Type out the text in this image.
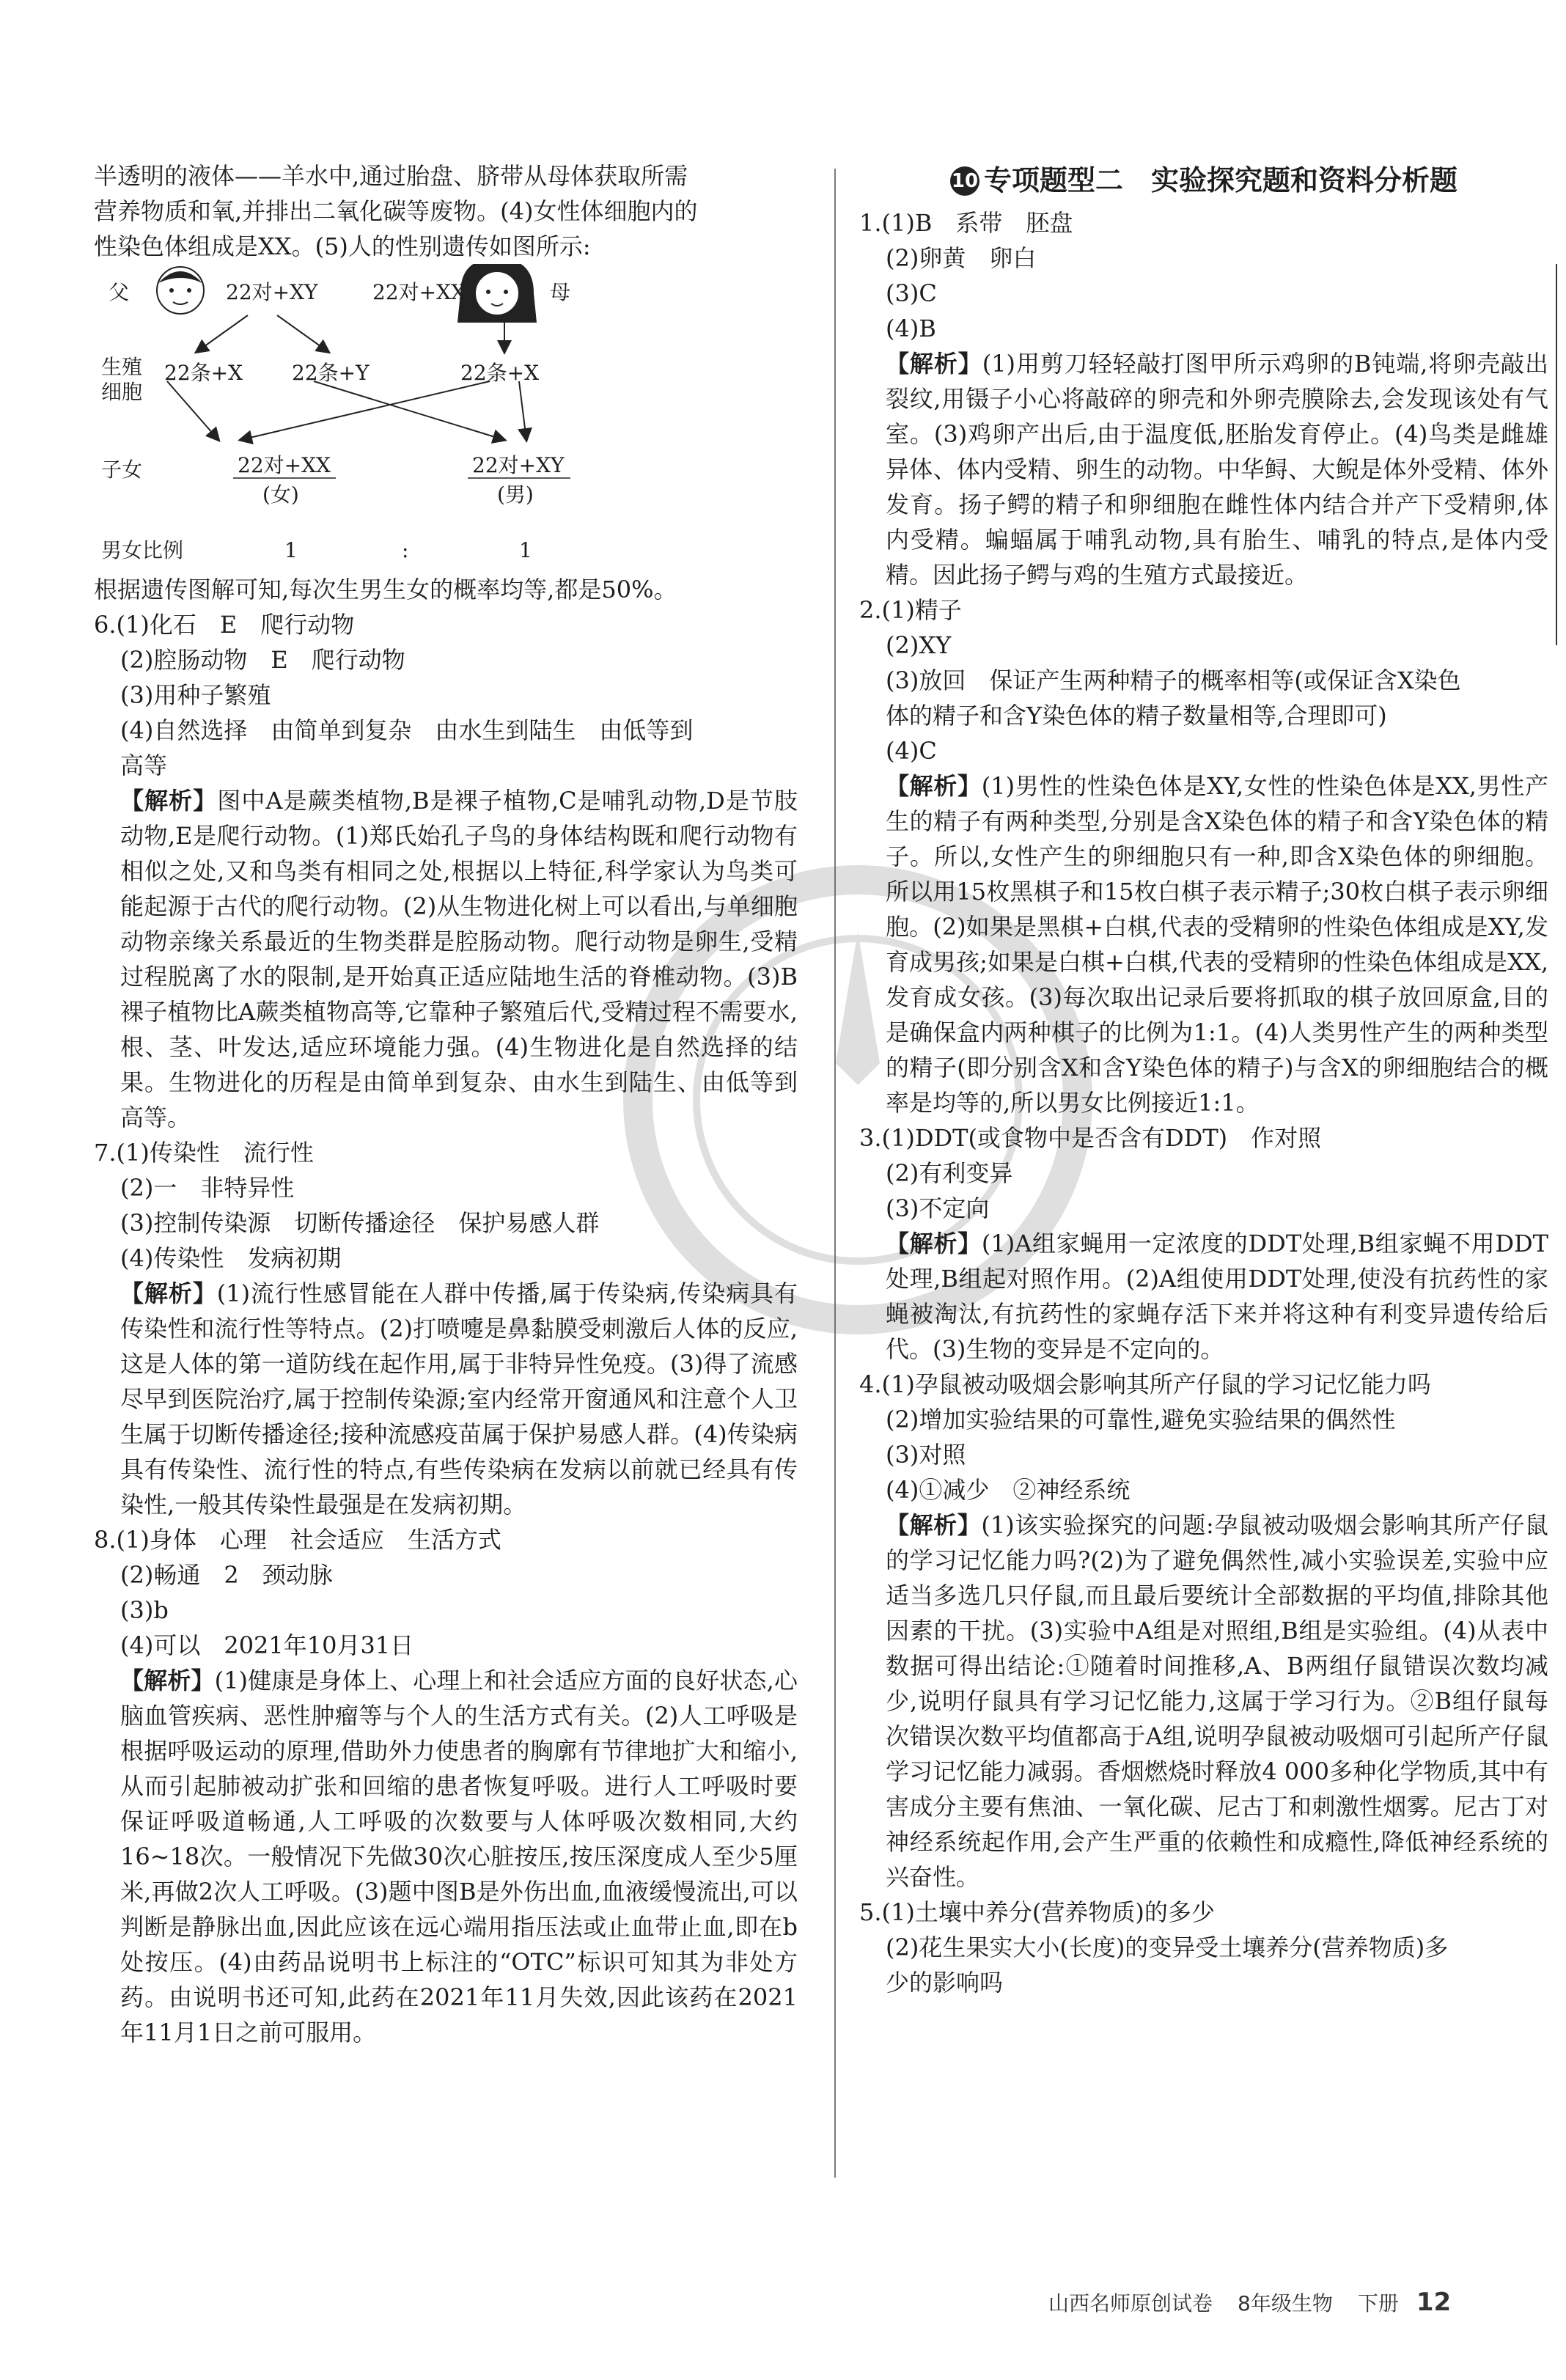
半透明的液体——羊水中,通过胎盘、脐带从母体获取所需

营养物质和氧,并排出二氧化碳等废物。(4)女性体细胞内的

性染色体组成是XX。(5)人的性别遗传如图所示:

父	22对+XY	22对+XX	母
生殖
细胞
22条+X 22条+Y	22条+X
子女	22对+XX
(女)
22对+XY
(男)
男女比例	1	:	1

根据遗传图解可知,每次生男生女的概率均等,都是50%。

6.(1)化石　E　爬行动物

(2)腔肠动物　E　爬行动物

(3)用种子繁殖

(4)自然选择　由简单到复杂　由水生到陆生　由低等到

高等

【解析】图中A是蕨类植物,B是裸子植物,C是哺乳动物,D是节肢动物,E是爬行动物。(1)郑氏始孔子鸟的身体结构既和爬行动物有相似之处,又和鸟类有相同之处,根据以上特征,科学家认为鸟类可能起源于古代的爬行动物。(2)从生物进化树上可以看出,与单细胞动物亲缘关系最近的生物类群是腔肠动物。爬行动物是卵生,受精过程脱离了水的限制,是开始真正适应陆地生活的脊椎动物。(3)B裸子植物比A蕨类植物高等,它靠种子繁殖后代,受精过程不需要水,根、茎、叶发达,适应环境能力强。(4)生物进化是自然选择的结果。生物进化的历程是由简单到复杂、由水生到陆生、由低等到高等。

7.(1)传染性　流行性

(2)一　非特异性

(3)控制传染源　切断传播途径　保护易感人群

(4)传染性　发病初期

【解析】(1)流行性感冒能在人群中传播,属于传染病,传染病具有传染性和流行性等特点。(2)打喷嚏是鼻黏膜受刺激后人体的反应,这是人体的第一道防线在起作用,属于非特异性免疫。(3)得了流感尽早到医院治疗,属于控制传染源;室内经常开窗通风和注意个人卫生属于切断传播途径;接种流感疫苗属于保护易感人群。(4)传染病具有传染性、流行性的特点,有些传染病在发病以前就已经具有传染性,一般其传染性最强是在发病初期。

8.(1)身体　心理　社会适应　生活方式

(2)畅通　2　颈动脉

(3)b

(4)可以　2021年10月31日

【解析】(1)健康是身体上、心理上和社会适应方面的良好状态,心脑血管疾病、恶性肿瘤等与个人的生活方式有关。(2)人工呼吸是根据呼吸运动的原理,借助外力使患者的胸廓有节律地扩大和缩小,从而引起肺被动扩张和回缩的患者恢复呼吸。进行人工呼吸时要保证呼吸道畅通,人工呼吸的次数要与人体呼吸次数相同,大约16~18次。一般情况下先做30次心脏按压,按压深度成人至少5厘米,再做2次人工呼吸。(3)题中图B是外伤出血,血液缓慢流出,可以判断是静脉出血,因此应该在远心端用指压法或止血带止血,即在b处按压。(4)由药品说明书上标注的“OTC”标识可知其为非处方药。由说明书还可知,此药在2021年11月失效,因此该药在2021年11月1日之前可服用。

10 专项题型二　实验探究题和资料分析题

1.(1)B　系带　胚盘

(2)卵黄　卵白

(3)C

(4)B

【解析】(1)用剪刀轻轻敲打图甲所示鸡卵的B钝端,将卵壳敲出裂纹,用镊子小心将敲碎的卵壳和外卵壳膜除去,会发现该处有气室。(3)鸡卵产出后,由于温度低,胚胎发育停止。(4)鸟类是雌雄异体、体内受精、卵生的动物。中华鲟、大鲵是体外受精、体外发育。扬子鳄的精子和卵细胞在雌性体内结合并产下受精卵,体内受精。蝙蝠属于哺乳动物,具有胎生、哺乳的特点,是体内受精。因此扬子鳄与鸡的生殖方式最接近。

2.(1)精子

(2)XY

(3)放回　保证产生两种精子的概率相等(或保证含X染色

体的精子和含Y染色体的精子数量相等,合理即可)

(4)C

【解析】(1)男性的性染色体是XY,女性的性染色体是XX,男性产生的精子有两种类型,分别是含X染色体的精子和含Y染色体的精子。所以,女性产生的卵细胞只有一种,即含X染色体的卵细胞。所以用15枚黑棋子和15枚白棋子表示精子;30枚白棋子表示卵细胞。(2)如果是黑棋+白棋,代表的受精卵的性染色体组成是XY,发育成男孩;如果是白棋+白棋,代表的受精卵的性染色体组成是XX,发育成女孩。(3)每次取出记录后要将抓取的棋子放回原盒,目的是确保盒内两种棋子的比例为1:1。(4)人类男性产生的两种类型的精子(即分别含X和含Y染色体的精子)与含X的卵细胞结合的概率是均等的,所以男女比例接近1:1。

3.(1)DDT(或食物中是否含有DDT)　作对照

(2)有利变异

(3)不定向

【解析】(1)A组家蝇用一定浓度的DDT处理,B组家蝇不用DDT处理,B组起对照作用。(2)A组使用DDT处理,使没有抗药性的家蝇被淘汰,有抗药性的家蝇存活下来并将这种有利变异遗传给后代。(3)生物的变异是不定向的。

4.(1)孕鼠被动吸烟会影响其所产仔鼠的学习记忆能力吗

(2)增加实验结果的可靠性,避免实验结果的偶然性

(3)对照

(4)①减少　②神经系统

【解析】(1)该实验探究的问题:孕鼠被动吸烟会影响其所产仔鼠的学习记忆能力吗?(2)为了避免偶然性,减小实验误差,实验中应适当多选几只仔鼠,而且最后要统计全部数据的平均值,排除其他因素的干扰。(3)实验中A组是对照组,B组是实验组。(4)从表中数据可得出结论:①随着时间推移,A、B两组仔鼠错误次数均减少,说明仔鼠具有学习记忆能力,这属于学习行为。②B组仔鼠每次错误次数平均值都高于A组,说明孕鼠被动吸烟可引起所产仔鼠学习记忆能力减弱。香烟燃烧时释放4 000多种化学物质,其中有害成分主要有焦油、一氧化碳、尼古丁和刺激性烟雾。尼古丁对神经系统起作用,会产生严重的依赖性和成瘾性,降低神经系统的兴奋性。

5.(1)土壤中养分(营养物质)的多少

(2)花生果实大小(长度)的变异受土壤养分(营养物质)多

少的影响吗

山西名师原创试卷 8年级生物 下册 12
